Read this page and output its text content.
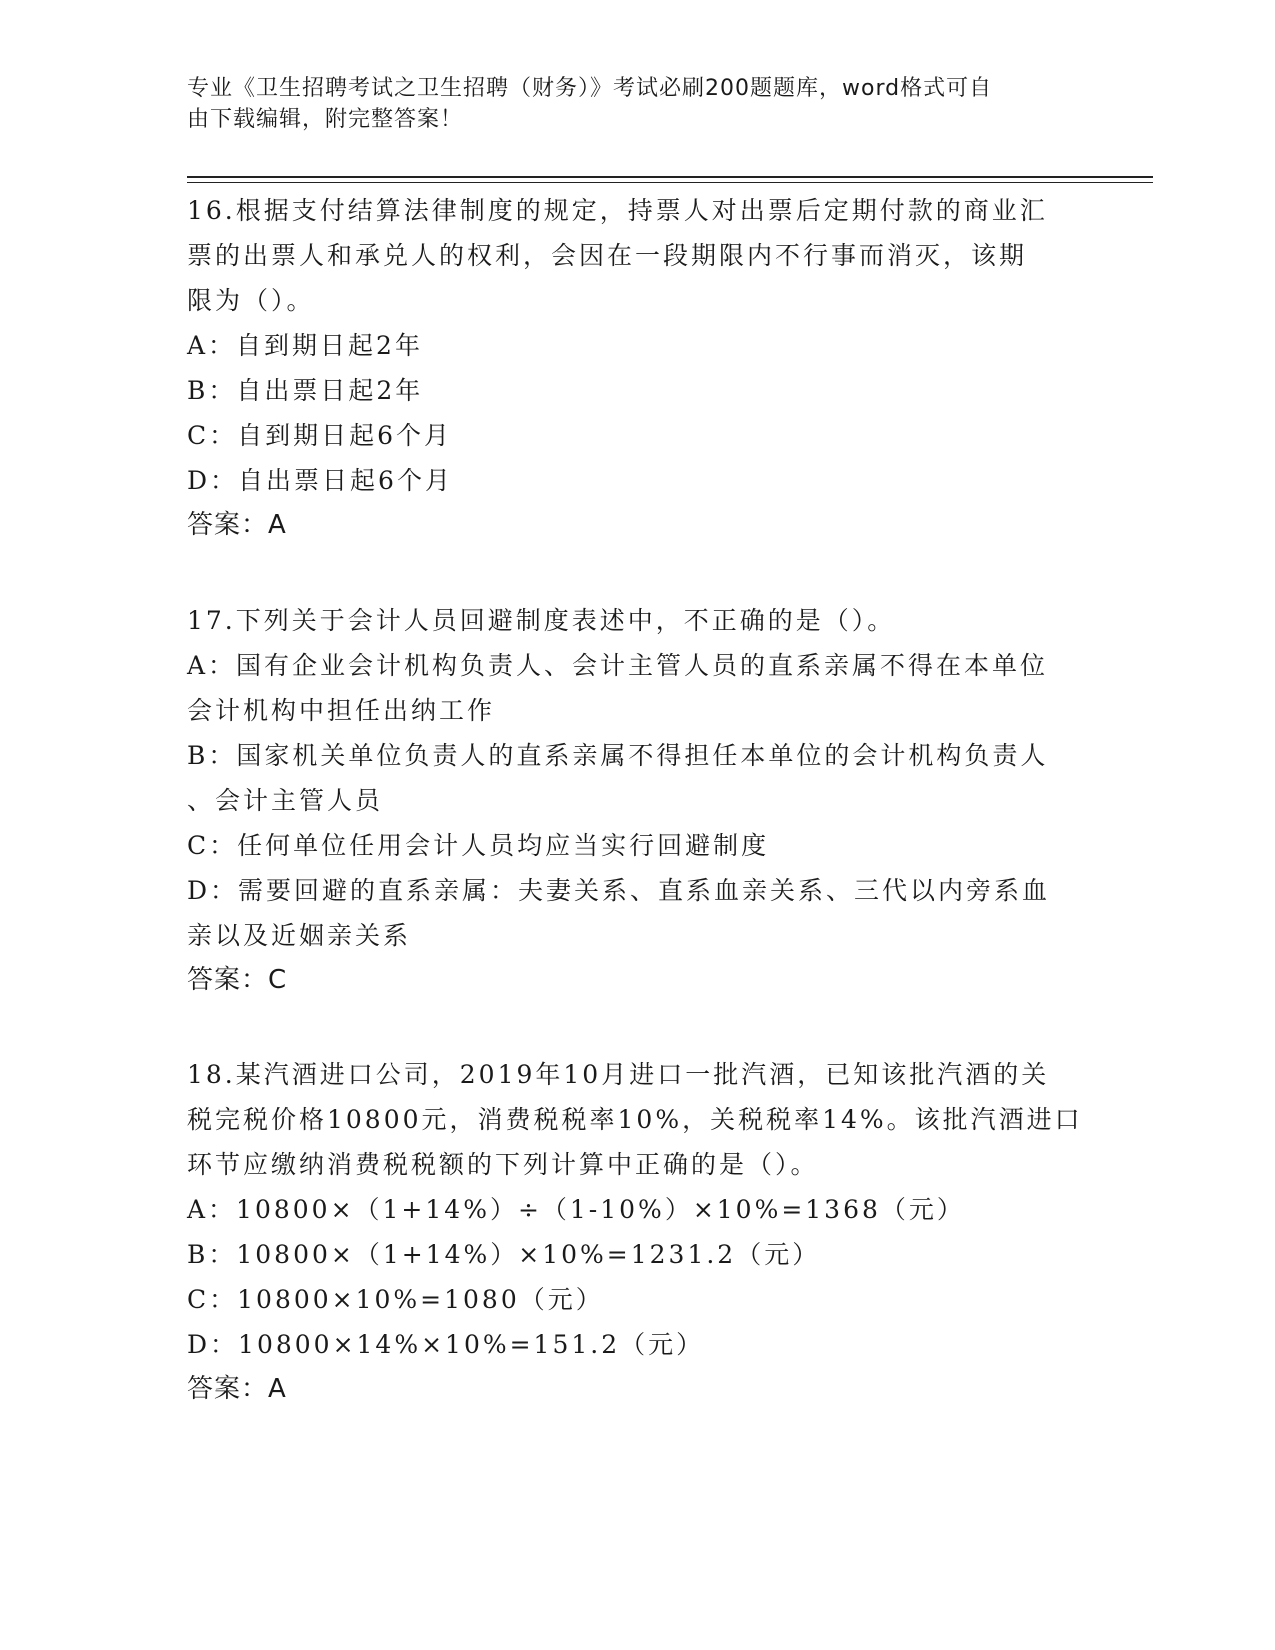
专业《卫生招聘考试之卫生招聘（财务）》考试必刷200题题库，word格式可自
由下载编辑，附完整答案！
16.根据支付结算法律制度的规定，持票人对出票后定期付款的商业汇
票的出票人和承兑人的权利，会因在一段期限内不行事而消灭，该期
限为（）。
A：自到期日起2年
B：自出票日起2年
C：自到期日起6个月
D：自出票日起6个月
答案：A
17.下列关于会计人员回避制度表述中，不正确的是（）。
A：国有企业会计机构负责人、会计主管人员的直系亲属不得在本单位
会计机构中担任出纳工作
B：国家机关单位负责人的直系亲属不得担任本单位的会计机构负责人
、会计主管人员
C：任何单位任用会计人员均应当实行回避制度
D：需要回避的直系亲属：夫妻关系、直系血亲关系、三代以内旁系血
亲以及近姻亲关系
答案：C
18.某汽酒进口公司，2019年10月进口一批汽酒，已知该批汽酒的关
税完税价格10800元，消费税税率10%，关税税率14%。该批汽酒进口
环节应缴纳消费税税额的下列计算中正确的是（）。
A：10800×（1+14%）÷（1-10%）×10%=1368（元）
B：10800×（1+14%）×10%=1231.2（元）
C：10800×10%=1080（元）
D：10800×14%×10%=151.2（元）
答案：A
